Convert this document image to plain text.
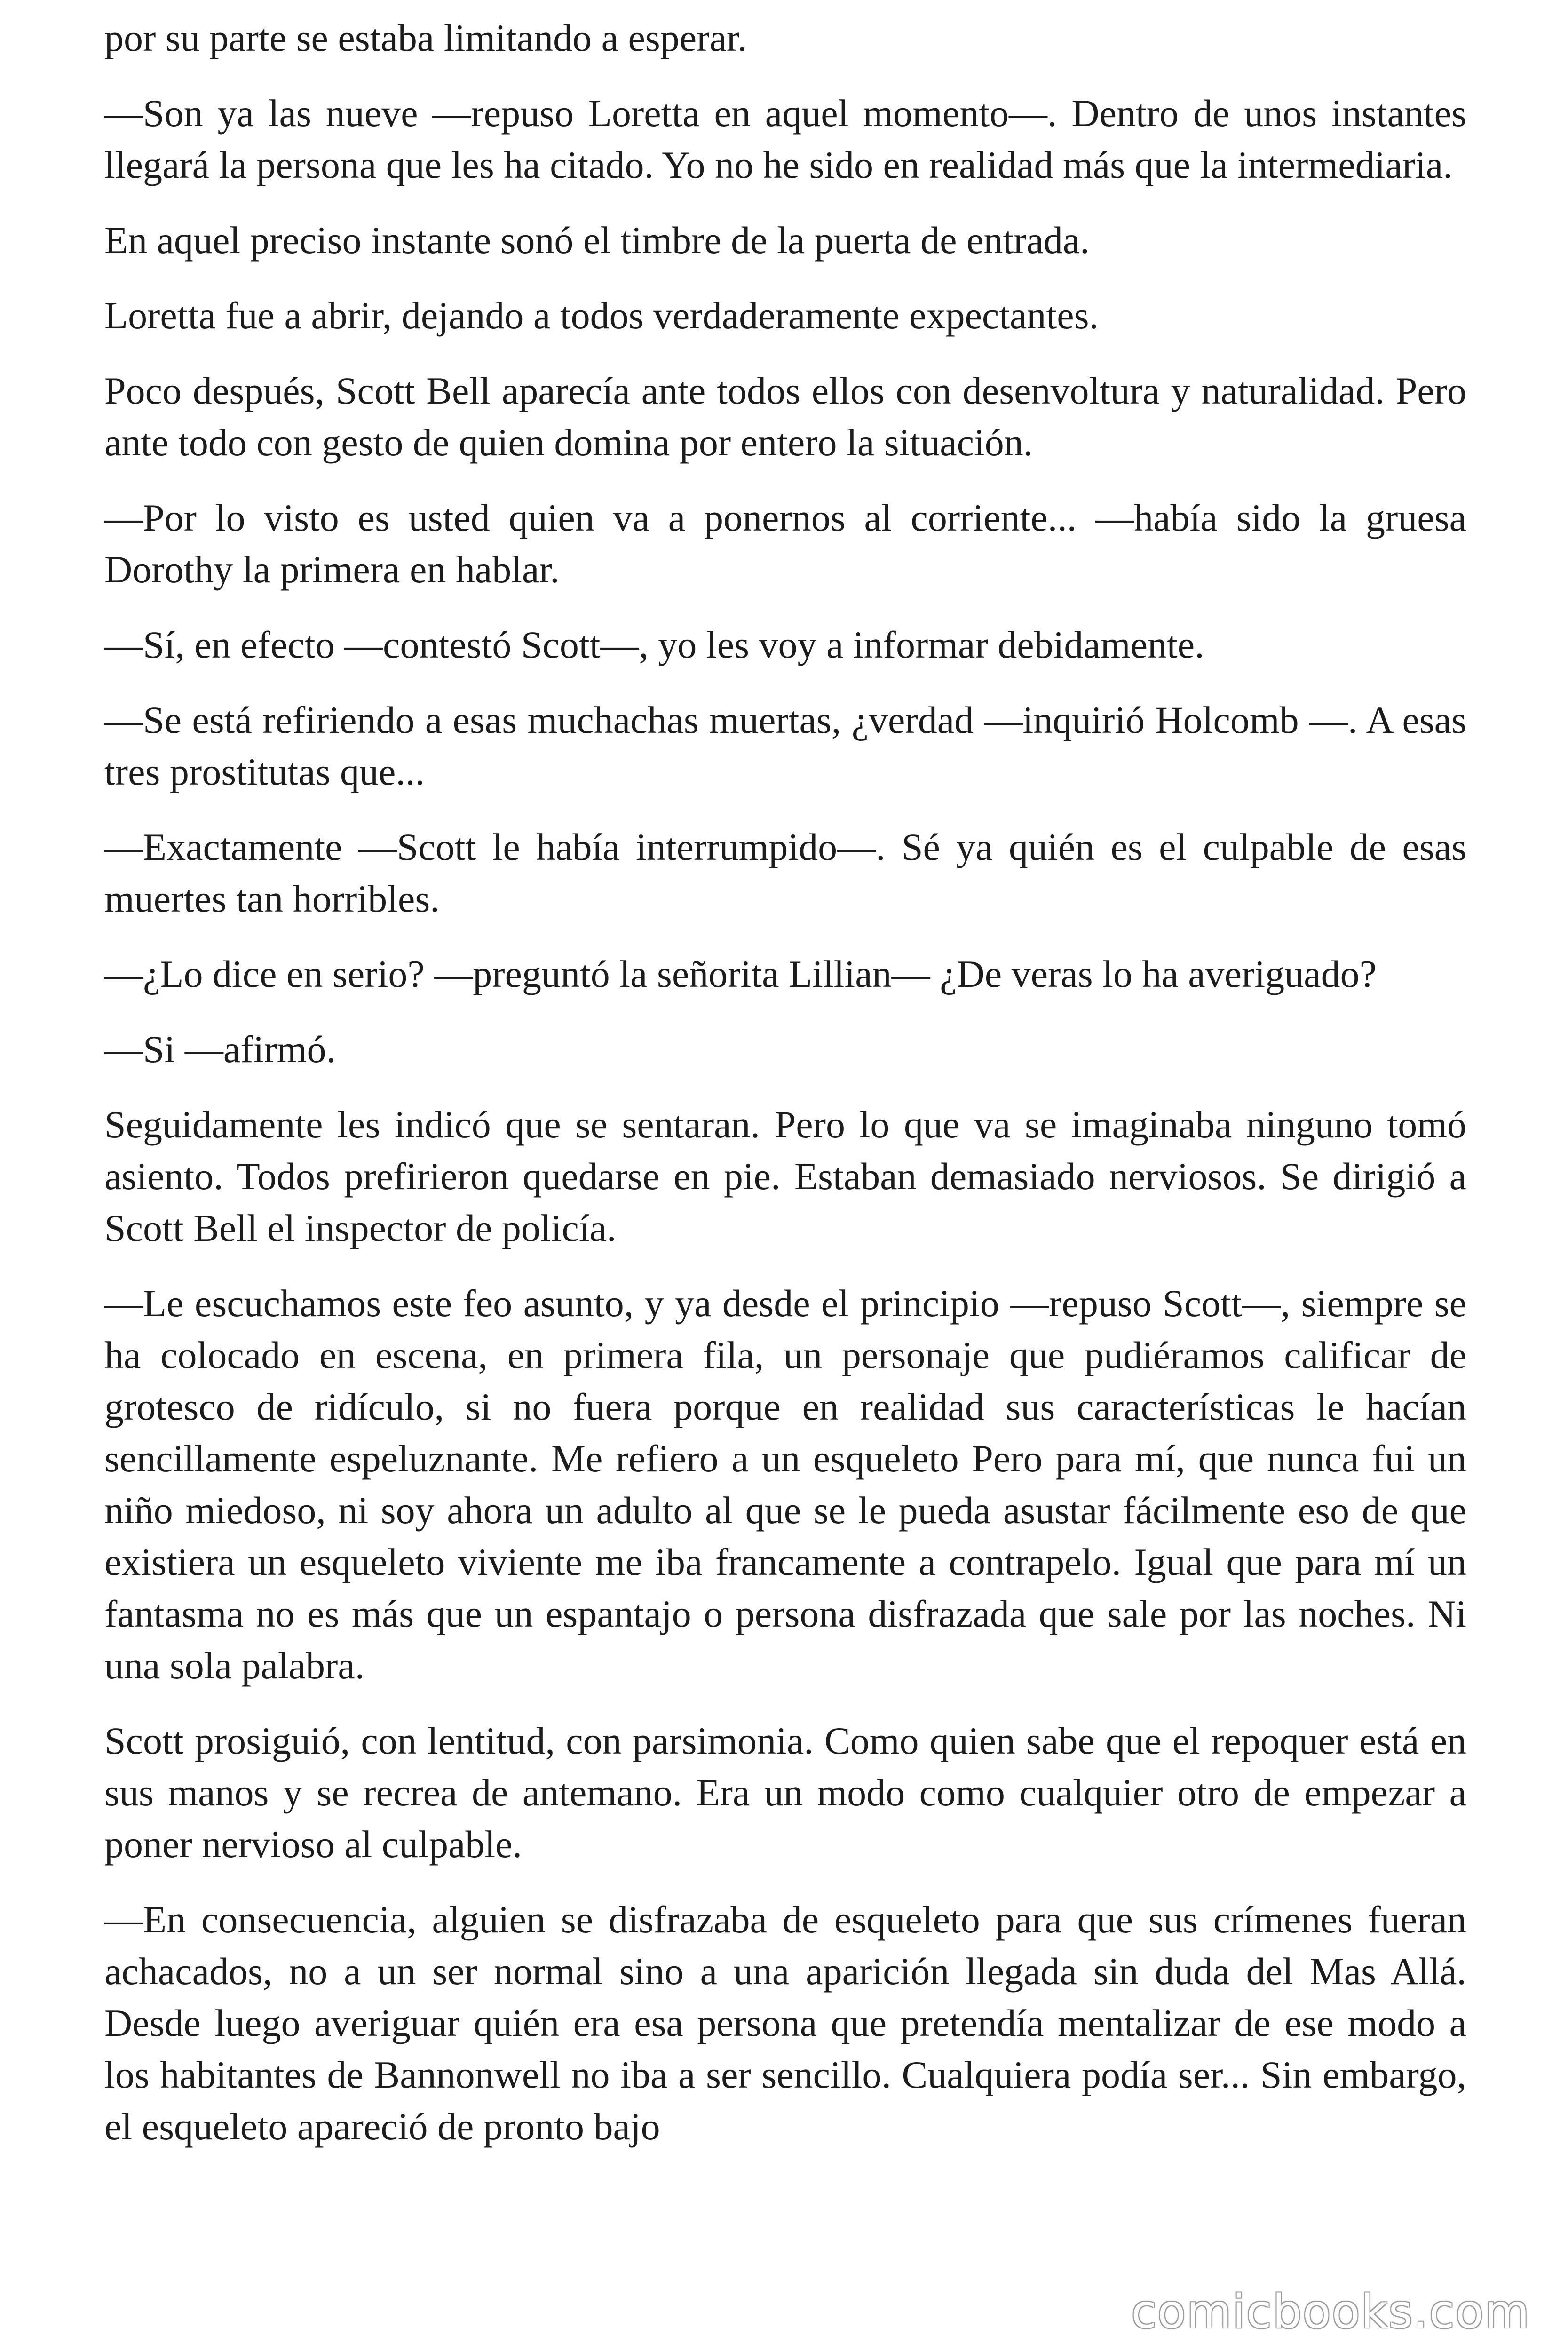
por su parte se estaba limitando a esperar.

—Son ya las nueve —repuso Loretta en aquel momento—. Dentro de unos instantes llegará la persona que les ha citado. Yo no he sido en realidad más que la intermediaria.

En aquel preciso instante sonó el timbre de la puerta de entrada.

Loretta fue a abrir, dejando a todos verdaderamente expectantes.

Poco después, Scott Bell aparecía ante todos ellos con desenvoltura y naturalidad. Pero ante todo con gesto de quien domina por entero la situación.

—Por lo visto es usted quien va a ponernos al corriente... —había sido la gruesa Dorothy la primera en hablar.

—Sí, en efecto —contestó Scott—, yo les voy a informar debidamente.

—Se está refiriendo a esas muchachas muertas, ¿verdad —inquirió Holcomb —. A esas tres prostitutas que...

—Exactamente —Scott le había interrumpido—. Sé ya quién es el culpable de esas muertes tan horribles.

—¿Lo dice en serio? —preguntó la señorita Lillian— ¿De veras lo ha averiguado?

—Si —afirmó.

Seguidamente les indicó que se sentaran. Pero lo que va se imaginaba ninguno tomó asiento. Todos prefirieron quedarse en pie. Estaban demasiado nerviosos. Se dirigió a Scott Bell el inspector de policía.

—Le escuchamos este feo asunto, y ya desde el principio —repuso Scott—, siempre se ha colocado en escena, en primera fila, un personaje que pudiéramos calificar de grotesco de ridículo, si no fuera porque en realidad sus características le hacían sencillamente espeluznante. Me refiero a un esqueleto Pero para mí, que nunca fui un niño miedoso, ni soy ahora un adulto al que se le pueda asustar fácilmente eso de que existiera un esqueleto viviente me iba francamente a contrapelo. Igual que para mí un fantasma no es más que un espantajo o persona disfrazada que sale por las noches. Ni una sola palabra.

Scott prosiguió, con lentitud, con parsimonia. Como quien sabe que el repoquer está en sus manos y se recrea de antemano. Era un modo como cualquier otro de empezar a poner nervioso al culpable.

—En consecuencia, alguien se disfrazaba de esqueleto para que sus crímenes fueran achacados, no a un ser normal sino a una aparición llegada sin duda del Mas Allá. Desde luego averiguar quién era esa persona que pretendía mentalizar de ese modo a los habitantes de Bannonwell no iba a ser sencillo. Cualquiera podía ser... Sin embargo, el esqueleto apareció de pronto bajo

comicbooks.com
